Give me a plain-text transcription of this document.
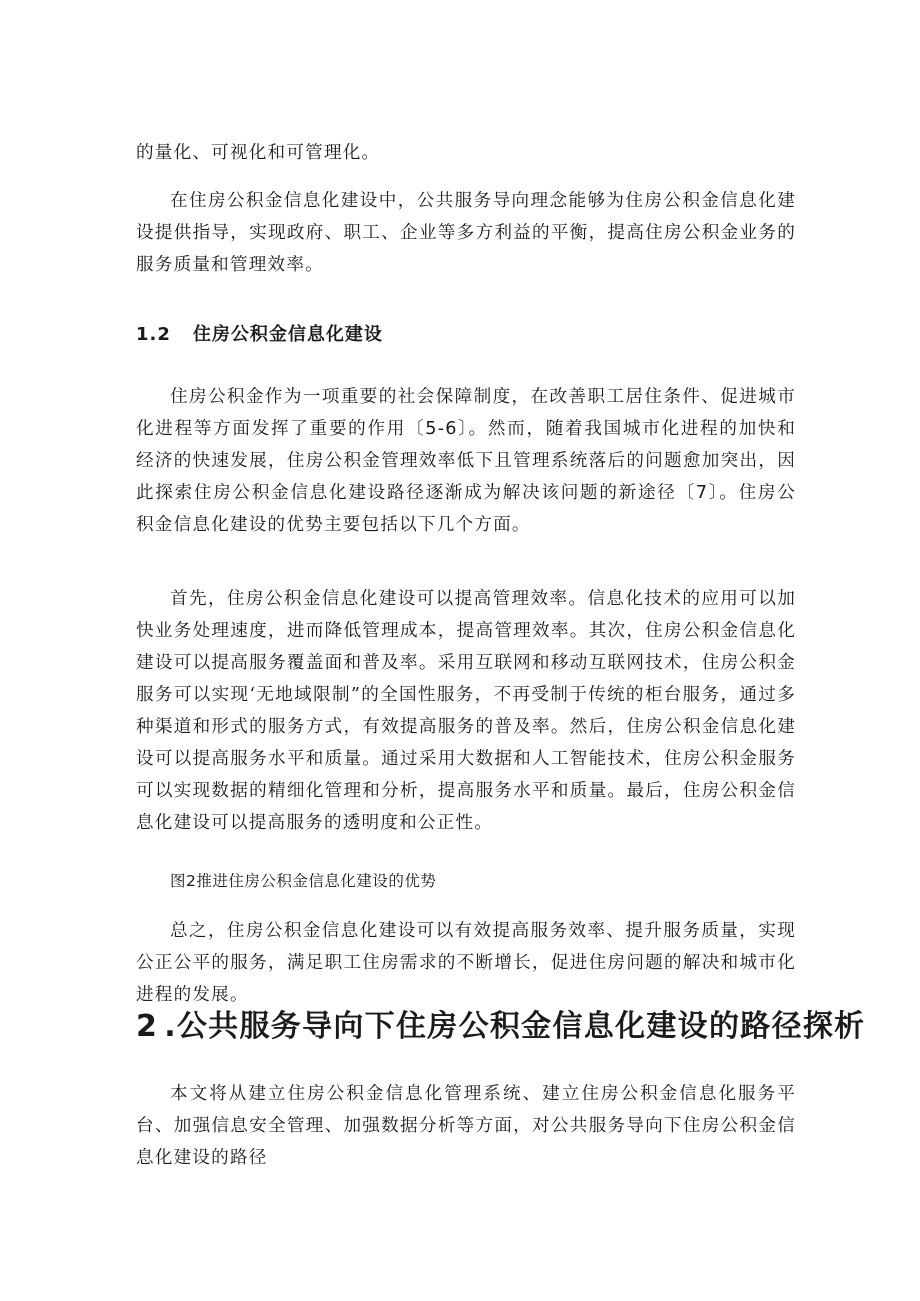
的量化、可视化和可管理化。

在住房公积金信息化建设中，公共服务导向理念能够为住房公积金信息化建设提供指导，实现政府、职工、企业等多方利益的平衡，提高住房公积金业务的服务质量和管理效率。

1.2 住房公积金信息化建设

住房公积金作为一项重要的社会保障制度，在改善职工居住条件、促进城市化进程等方面发挥了重要的作用〔5-6〕。然而，随着我国城市化进程的加快和经济的快速发展，住房公积金管理效率低下且管理系统落后的问题愈加突出，因此探索住房公积金信息化建设路径逐渐成为解决该问题的新途径〔7〕。住房公积金信息化建设的优势主要包括以下几个方面。

首先，住房公积金信息化建设可以提高管理效率。信息化技术的应用可以加快业务处理速度，进而降低管理成本，提高管理效率。其次，住房公积金信息化建设可以提高服务覆盖面和普及率。采用互联网和移动互联网技术，住房公积金服务可以实现‘无地域限制”的全国性服务，不再受制于传统的柜台服务，通过多种渠道和形式的服务方式，有效提高服务的普及率。然后，住房公积金信息化建设可以提高服务水平和质量。通过采用大数据和人工智能技术，住房公积金服务可以实现数据的精细化管理和分析，提高服务水平和质量。最后，住房公积金信息化建设可以提高服务的透明度和公正性。

图2推进住房公积金信息化建设的优势

总之，住房公积金信息化建设可以有效提高服务效率、提升服务质量，实现公正公平的服务，满足职工住房需求的不断增长，促进住房问题的解决和城市化进程的发展。

2 .公共服务导向下住房公积金信息化建设的路径探析

本文将从建立住房公积金信息化管理系统、建立住房公积金信息化服务平台、加强信息安全管理、加强数据分析等方面，对公共服务导向下住房公积金信息化建设的路径
